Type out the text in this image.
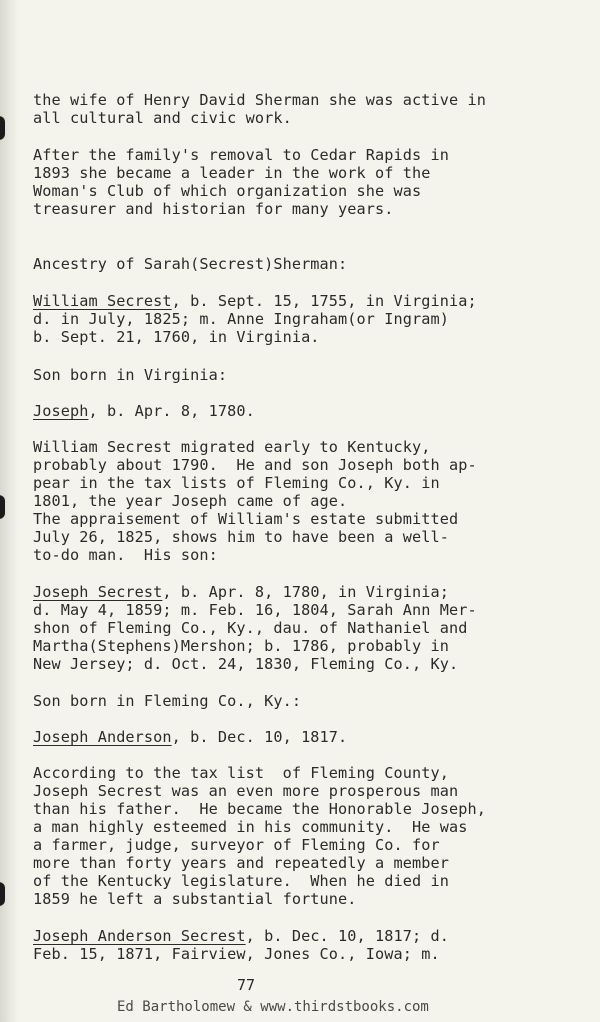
the wife of Henry David Sherman she was active in
all cultural and civic work.
After the family's removal to Cedar Rapids in
1893 she became a leader in the work of the
Woman's Club of which organization she was
treasurer and historian for many years.
Ancestry of Sarah(Secrest)Sherman:
William Secrest, b. Sept. 15, 1755, in Virginia;
d. in July, 1825; m. Anne Ingraham(or Ingram)
b. Sept. 21, 1760, in Virginia.
Son born in Virginia:
Joseph, b. Apr. 8, 1780.
William Secrest migrated early to Kentucky,
probably about 1790.  He and son Joseph both ap-
pear in the tax lists of Fleming Co., Ky. in
1801, the year Joseph came of age.
The appraisement of William's estate submitted
July 26, 1825, shows him to have been a well-
to-do man.  His son:
Joseph Secrest, b. Apr. 8, 1780, in Virginia;
d. May 4, 1859; m. Feb. 16, 1804, Sarah Ann Mer-
shon of Fleming Co., Ky., dau. of Nathaniel and
Martha(Stephens)Mershon; b. 1786, probably in
New Jersey; d. Oct. 24, 1830, Fleming Co., Ky.
Son born in Fleming Co., Ky.:
Joseph Anderson, b. Dec. 10, 1817.
According to the tax list  of Fleming County,
Joseph Secrest was an even more prosperous man
than his father.  He became the Honorable Joseph,
a man highly esteemed in his community.  He was
a farmer, judge, surveyor of Fleming Co. for
more than forty years and repeatedly a member
of the Kentucky legislature.  When he died in
1859 he left a substantial fortune.
Joseph Anderson Secrest, b. Dec. 10, 1817; d.
Feb. 15, 1871, Fairview, Jones Co., Iowa; m.
77
Ed Bartholomew & www.thirdstbooks.com
